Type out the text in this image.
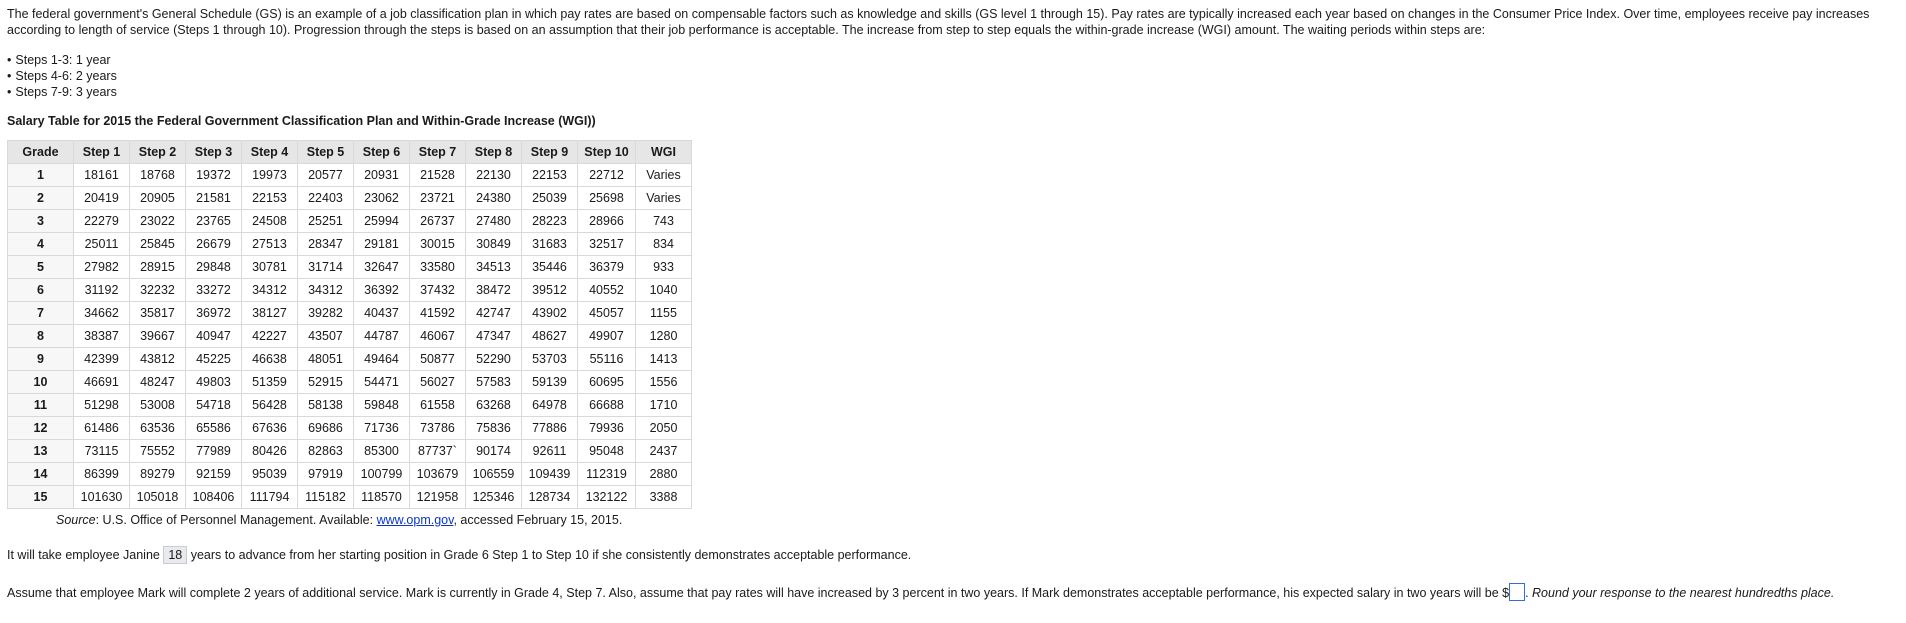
The federal government's General Schedule (GS) is an example of a job classification plan in which pay rates are based on compensable factors such as knowledge and skills (GS level 1 through 15). Pay rates are typically increased each year based on changes in the Consumer Price Index. Over time, employees receive pay increases according to length of service (Steps 1 through 10). Progression through the steps is based on an assumption that their job performance is acceptable. The increase from step to step equals the within-grade increase (WGI) amount. The waiting periods within steps are:

• Steps 1-3: 1 year
• Steps 4-6: 2 years
• Steps 7-9: 3 years

Salary Table for 2015 the Federal Government Classification Plan and Within-Grade Increase (WGI))

Grade	Step 1	Step 2	Step 3	Step 4	Step 5	Step 6	Step 7	Step 8	Step 9	Step 10	WGI
1	18161	18768	19372	19973	20577	20931	21528	22130	22153	22712	Varies
2	20419	20905	21581	22153	22403	23062	23721	24380	25039	25698	Varies
3	22279	23022	23765	24508	25251	25994	26737	27480	28223	28966	743
4	25011	25845	26679	27513	28347	29181	30015	30849	31683	32517	834
5	27982	28915	29848	30781	31714	32647	33580	34513	35446	36379	933
6	31192	32232	33272	34312	34312	36392	37432	38472	39512	40552	1040
7	34662	35817	36972	38127	39282	40437	41592	42747	43902	45057	1155
8	38387	39667	40947	42227	43507	44787	46067	47347	48627	49907	1280
9	42399	43812	45225	46638	48051	49464	50877	52290	53703	55116	1413
10	46691	48247	49803	51359	52915	54471	56027	57583	59139	60695	1556
11	51298	53008	54718	56428	58138	59848	61558	63268	64978	66688	1710
12	61486	63536	65586	67636	69686	71736	73786	75836	77886	79936	2050
13	73115	75552	77989	80426	82863	85300	87737`	90174	92611	95048	2437
14	86399	89279	92159	95039	97919	100799	103679	106559	109439	112319	2880
15	101630	105018	108406	111794	115182	118570	121958	125346	128734	132122	3388

Source: U.S. Office of Personnel Management. Available: www.opm.gov, accessed February 15, 2015.

It will take employee Janine 18 years to advance from her starting position in Grade 6 Step 1 to Step 10 if she consistently demonstrates acceptable performance.

Assume that employee Mark will complete 2 years of additional service. Mark is currently in Grade 4, Step 7. Also, assume that pay rates will have increased by 3 percent in two years. If Mark demonstrates acceptable performance, his expected salary in two years will be $ . Round your response to the nearest hundredths place.
